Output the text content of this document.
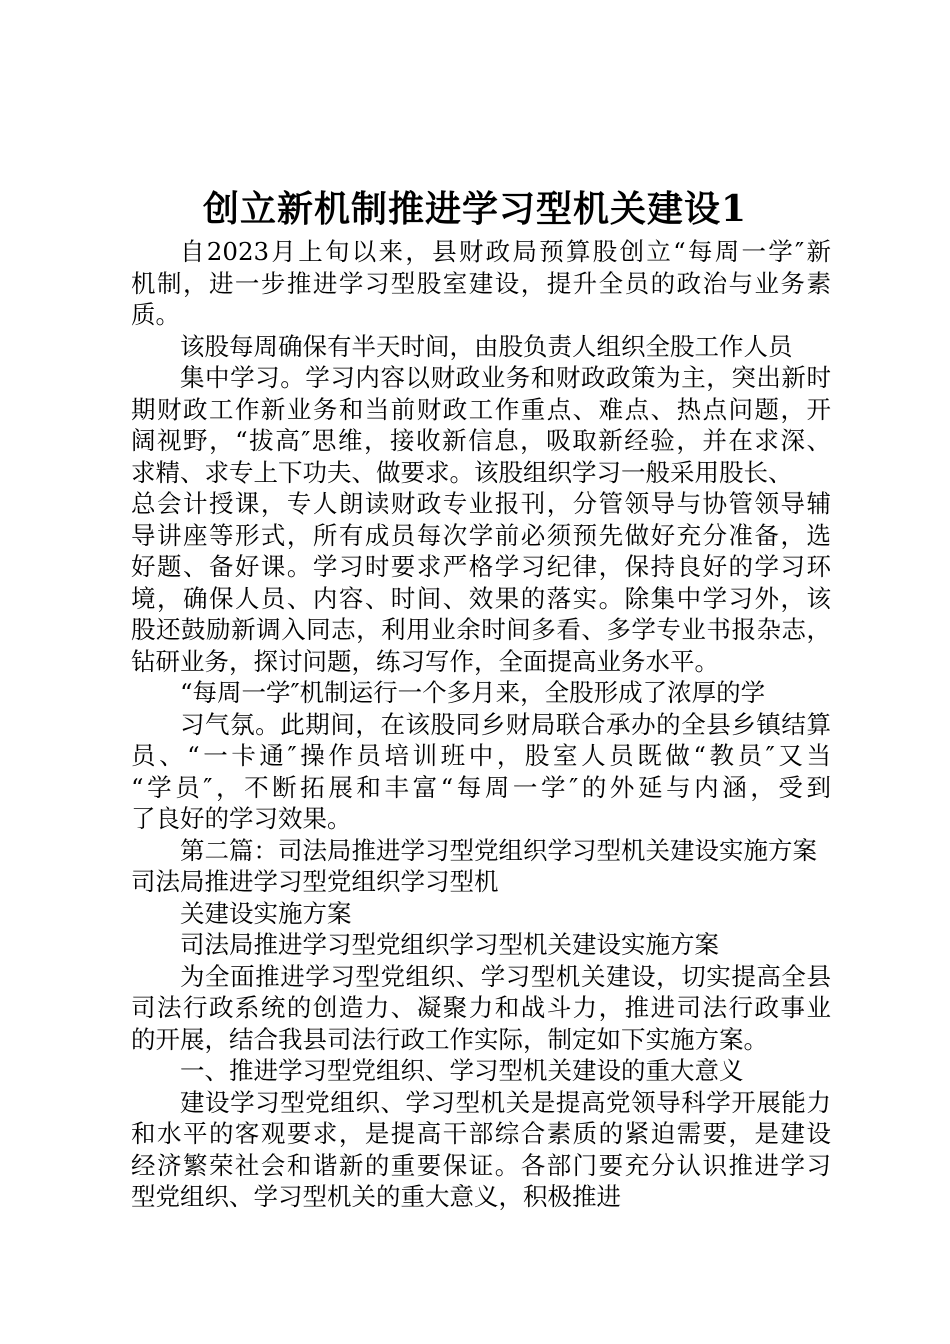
创立新机制推进学习型机关建设1

自2023月上旬以来，县财政局预算股创立“每周一学″新

机制，进一步推进学习型股室建设，提升全员的政治与业务素

质。

该股每周确保有半天时间，由股负责人组织全股工作人员

集中学习。学习内容以财政业务和财政政策为主，突出新时

期财政工作新业务和当前财政工作重点、难点、热点问题，开

阔视野，“拔高″思维，接收新信息，吸取新经验，并在求深、

求精、求专上下功夫、做要求。该股组织学习一般采用股长、

总会计授课，专人朗读财政专业报刊，分管领导与协管领导辅

导讲座等形式，所有成员每次学前必须预先做好充分准备，选

好题、备好课。学习时要求严格学习纪律，保持良好的学习环

境，确保人员、内容、时间、效果的落实。除集中学习外，该

股还鼓励新调入同志，利用业余时间多看、多学专业书报杂志，

钻研业务，探讨问题，练习写作，全面提高业务水平。

“每周一学″机制运行一个多月来，全股形成了浓厚的学

习气氛。此期间，在该股同乡财局联合承办的全县乡镇结算

员、“一卡通″操作员培训班中，股室人员既做“教员″又当

“学员″，不断拓展和丰富“每周一学″的外延与内涵，受到

了良好的学习效果。

第二篇：司法局推进学习型党组织学习型机关建设实施方案

司法局推进学习型党组织学习型机

关建设实施方案

司法局推进学习型党组织学习型机关建设实施方案

为全面推进学习型党组织、学习型机关建设，切实提高全县

司法行政系统的创造力、凝聚力和战斗力，推进司法行政事业

的开展，结合我县司法行政工作实际，制定如下实施方案。

一、推进学习型党组织、学习型机关建设的重大意义

建设学习型党组织、学习型机关是提高党领导科学开展能力

和水平的客观要求，是提高干部综合素质的紧迫需要，是建设

经济繁荣社会和谐新的重要保证。各部门要充分认识推进学习

型党组织、学习型机关的重大意义，积极推进
